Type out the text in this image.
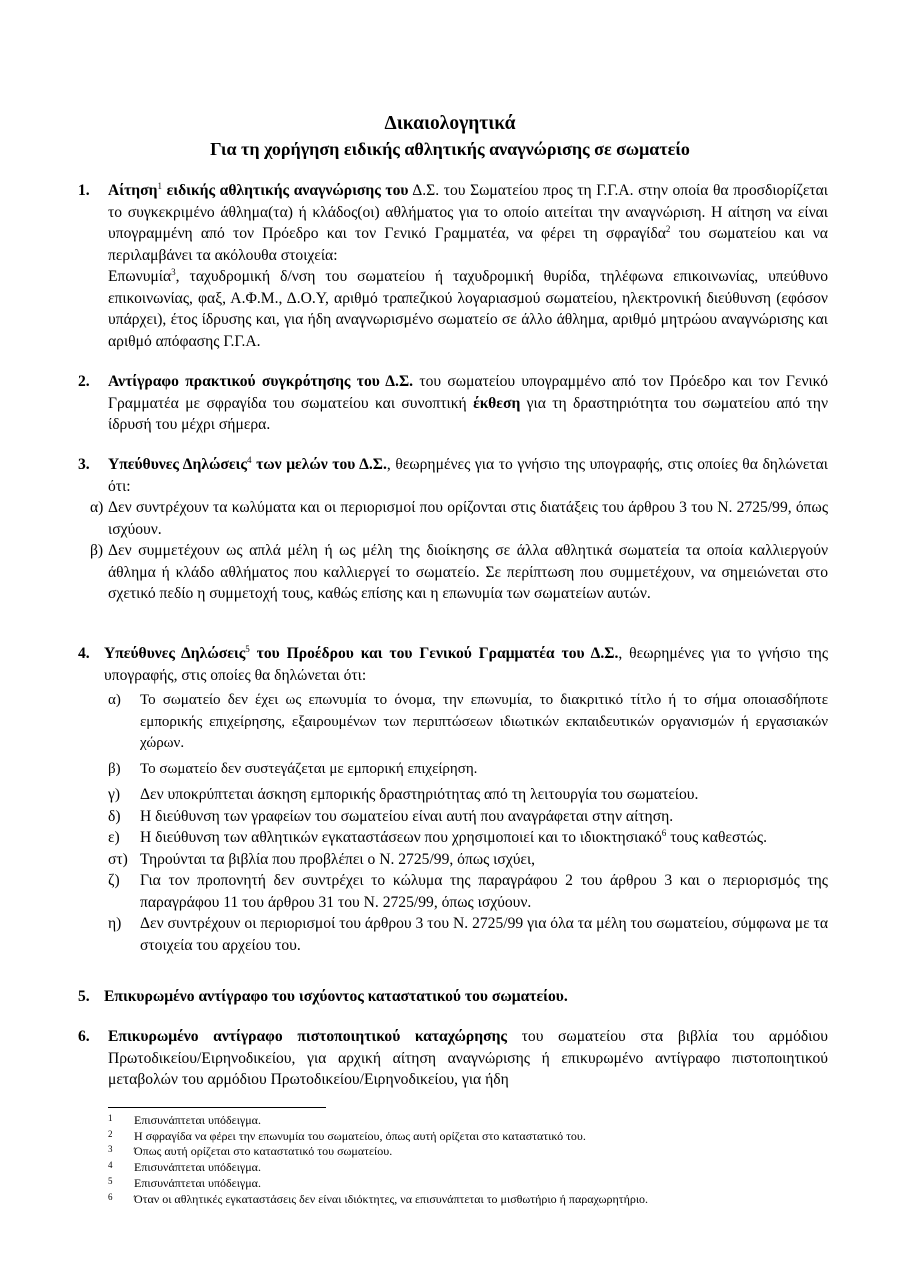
Δικαιολογητικά
Για τη χορήγηση ειδικής αθλητικής αναγνώρισης σε σωματείο
1. Αίτηση$^1$ ειδικής αθλητικής αναγνώρισης του Δ.Σ. του Σωματείου προς τη Γ.Γ.Α. στην οποία θα προσδιορίζεται το συγκεκριμένο άθλημα(τα) ή κλάδος(οι) αθλήματος για το οποίο αιτείται την αναγνώριση. Η αίτηση να είναι υπογραμμένη από τον Πρόεδρο και τον Γενικό Γραμματέα, να φέρει τη σφραγίδα$^2$ του σωματείου και να περιλαμβάνει τα ακόλουθα στοιχεία:
Επωνυμία$^3$, ταχυδρομική δ/νση του σωματείου ή ταχυδρομική θυρίδα, τηλέφωνα επικοινωνίας, υπεύθυνο επικοινωνίας, φαξ, Α.Φ.Μ., Δ.Ο.Υ, αριθμό τραπεζικού λογαριασμού σωματείου, ηλεκτρονική διεύθυνση (εφόσον υπάρχει), έτος ίδρυσης και, για ήδη αναγνωρισμένο σωματείο σε άλλο άθλημα, αριθμό μητρώου αναγνώρισης και αριθμό απόφασης Γ.Γ.Α.
2. Αντίγραφο πρακτικού συγκρότησης του Δ.Σ. του σωματείου υπογραμμένο από τον Πρόεδρο και τον Γενικό Γραμματέα με σφραγίδα του σωματείου και συνοπτική έκθεση για τη δραστηριότητα του σωματείου από την ίδρυσή του μέχρι σήμερα.
3. Υπεύθυνες Δηλώσεις$^4$ των μελών του Δ.Σ., θεωρημένες για το γνήσιο της υπογραφής, στις οποίες θα δηλώνεται ότι:
α) Δεν συντρέχουν τα κωλύματα και οι περιορισμοί που ορίζονται στις διατάξεις του άρθρου 3 του Ν. 2725/99, όπως ισχύουν.
β) Δεν συμμετέχουν ως απλά μέλη ή ως μέλη της διοίκησης σε άλλα αθλητικά σωματεία τα οποία καλλιεργούν άθλημα ή κλάδο αθλήματος που καλλιεργεί το σωματείο. Σε περίπτωση που συμμετέχουν, να σημειώνεται στο σχετικό πεδίο η συμμετοχή τους, καθώς επίσης και η επωνυμία των σωματείων αυτών.
4. Υπεύθυνες Δηλώσεις$^5$ του Προέδρου και του Γενικού Γραμματέα του Δ.Σ., θεωρημένες για το γνήσιο της υπογραφής, στις οποίες θα δηλώνεται ότι:
α) Το σωματείο δεν έχει ως επωνυμία το όνομα, την επωνυμία, το διακριτικό τίτλο ή το σήμα οποιασδήποτε εμπορικής επιχείρησης, εξαιρουμένων των περιπτώσεων ιδιωτικών εκπαιδευτικών οργανισμών ή εργασιακών χώρων.
β) Το σωματείο δεν συστεγάζεται με εμπορική επιχείρηση.
γ) Δεν υποκρύπτεται άσκηση εμπορικής δραστηριότητας από τη λειτουργία του σωματείου.
δ) Η διεύθυνση των γραφείων του σωματείου είναι αυτή που αναγράφεται στην αίτηση.
ε) Η διεύθυνση των αθλητικών εγκαταστάσεων που χρησιμοποιεί και το ιδιοκτησιακό$^6$ τους καθεστώς.
στ) Τηρούνται τα βιβλία που προβλέπει ο Ν. 2725/99, όπως ισχύει,
ζ) Για τον προπονητή δεν συντρέχει το κώλυμα της παραγράφου 2 του άρθρου 3 και ο περιορισμός της παραγράφου 11 του άρθρου 31 του Ν. 2725/99, όπως ισχύουν.
η) Δεν συντρέχουν οι περιορισμοί του άρθρου 3 του Ν. 2725/99 για όλα τα μέλη του σωματείου, σύμφωνα με τα στοιχεία του αρχείου του.
5. Επικυρωμένο αντίγραφο του ισχύοντος καταστατικού του σωματείου.
6. Επικυρωμένο αντίγραφο πιστοποιητικού καταχώρησης του σωματείου στα βιβλία του αρμόδιου Πρωτοδικείου/Ειρηνοδικείου, για αρχική αίτηση αναγνώρισης ή επικυρωμένο αντίγραφο πιστοποιητικού μεταβολών του αρμόδιου Πρωτοδικείου/Ειρηνοδικείου, για ήδη
1 Επισυνάπτεται υπόδειγμα.
2 Η σφραγίδα να φέρει την επωνυμία του σωματείου, όπως αυτή ορίζεται στο καταστατικό του.
3 Όπως αυτή ορίζεται στο καταστατικό του σωματείου.
4 Επισυνάπτεται υπόδειγμα.
5 Επισυνάπτεται υπόδειγμα.
6 Όταν οι αθλητικές εγκαταστάσεις δεν είναι ιδιόκτητες, να επισυνάπτεται το μισθωτήριο ή παραχωρητήριο.
